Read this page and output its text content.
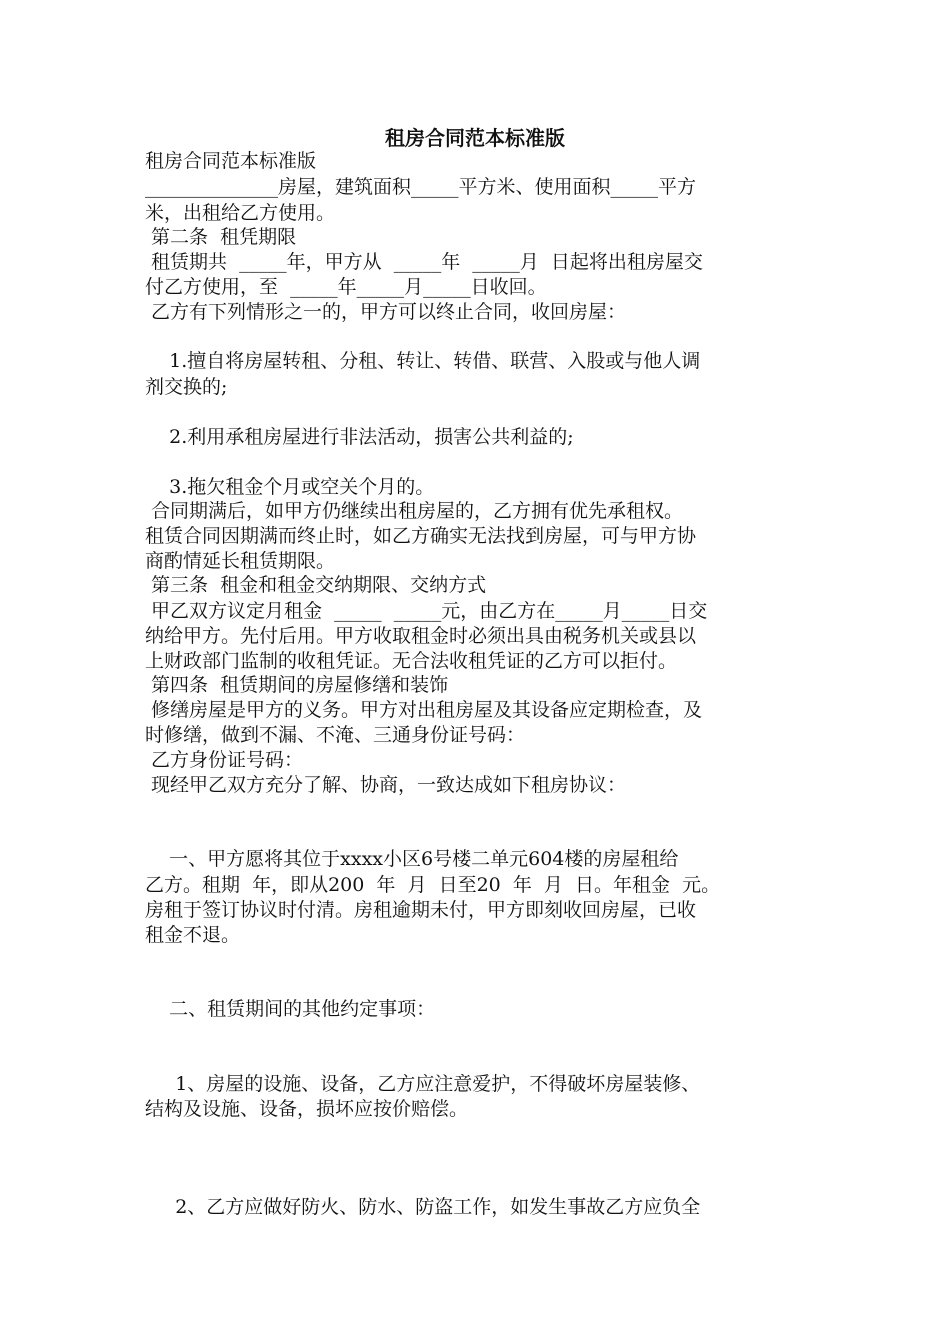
租房合同范本标准版
租房合同范本标准版
______________房屋，建筑面积_____平方米、使用面积_____平方
米，出租给乙方使用。
第二条  租凭期限
租赁期共  _____年，甲方从  _____年  _____月  日起将出租房屋交
付乙方使用，至  _____年_____月_____日收回。
乙方有下列情形之一的，甲方可以终止合同，收回房屋：
1.擅自将房屋转租、分租、转让、转借、联营、入股或与他人调
剂交换的;
2.利用承租房屋进行非法活动，损害公共利益的;
3.拖欠租金个月或空关个月的。
合同期满后，如甲方仍继续出租房屋的，乙方拥有优先承租权。
租赁合同因期满而终止时，如乙方确实无法找到房屋，可与甲方协
商酌情延长租赁期限。
第三条  租金和租金交纳期限、交纳方式
甲乙双方议定月租金  _____  _____元，由乙方在_____月_____日交
纳给甲方。先付后用。甲方收取租金时必须出具由税务机关或县以
上财政部门监制的收租凭证。无合法收租凭证的乙方可以拒付。
第四条  租赁期间的房屋修缮和装饰
修缮房屋是甲方的义务。甲方对出租房屋及其设备应定期检查，及
时修缮，做到不漏、不淹、三通身份证号码：
乙方身份证号码：
现经甲乙双方充分了解、协商，一致达成如下租房协议：
一、甲方愿将其位于xxxx小区6号楼二单元604楼的房屋租给
乙方。租期  年，即从200  年  月  日至20  年  月  日。年租金  元。
房租于签订协议时付清。房租逾期未付，甲方即刻收回房屋，已收
租金不退。
二、租赁期间的其他约定事项：
1、房屋的设施、设备，乙方应注意爱护，不得破坏房屋装修、
结构及设施、设备，损坏应按价赔偿。
2、乙方应做好防火、防水、防盗工作，如发生事故乙方应负全
